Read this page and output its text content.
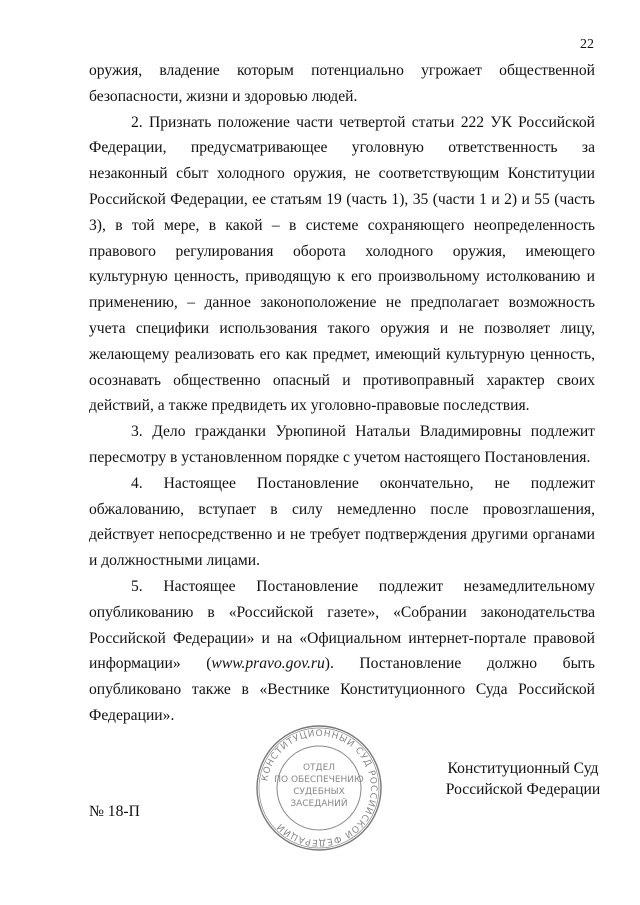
22

оружия, владение которым потенциально угрожает общественной безопасности, жизни и здоровью людей.

2. Признать положение части четвертой статьи 222 УК Российской Федерации, предусматривающее уголовную ответственность за незаконный сбыт холодного оружия, не соответствующим Конституции Российской Федерации, ее статьям 19 (часть 1), 35 (части 1 и 2) и 55 (часть 3), в той мере, в какой – в системе сохраняющего неопределенность правового регулирования оборота холодного оружия, имеющего культурную ценность, приводящую к его произвольному истолкованию и применению, – данное законоположение не предполагает возможность учета специфики использования такого оружия и не позволяет лицу, желающему реализовать его как предмет, имеющий культурную ценность, осознавать общественно опасный и противоправный характер своих действий, а также предвидеть их уголовно-правовые последствия.

3. Дело гражданки Урюпиной Натальи Владимировны подлежит пересмотру в установленном порядке с учетом настоящего Постановления.

4. Настоящее Постановление окончательно, не подлежит обжалованию, вступает в силу немедленно после провозглашения, действует непосредственно и не требует подтверждения другими органами и должностными лицами.

5. Настоящее Постановление подлежит незамедлительному опубликованию в «Российской газете», «Собрании законодательства Российской Федерации» и на «Официальном интернет-портале правовой информации» (www.pravo.gov.ru). Постановление должно быть опубликовано также в «Вестнике Конституционного Суда Российской Федерации».

КОНСТИТУЦИОННЫЙ СУД РОССИЙСКОЙ ФЕДЕРАЦИИ
ОТДЕЛ
ПО ОБЕСПЕЧЕНИЮ
СУДЕБНЫХ
ЗАСЕДАНИЙ
Конституционный Суд
Российской Федерации
№ 18-П
